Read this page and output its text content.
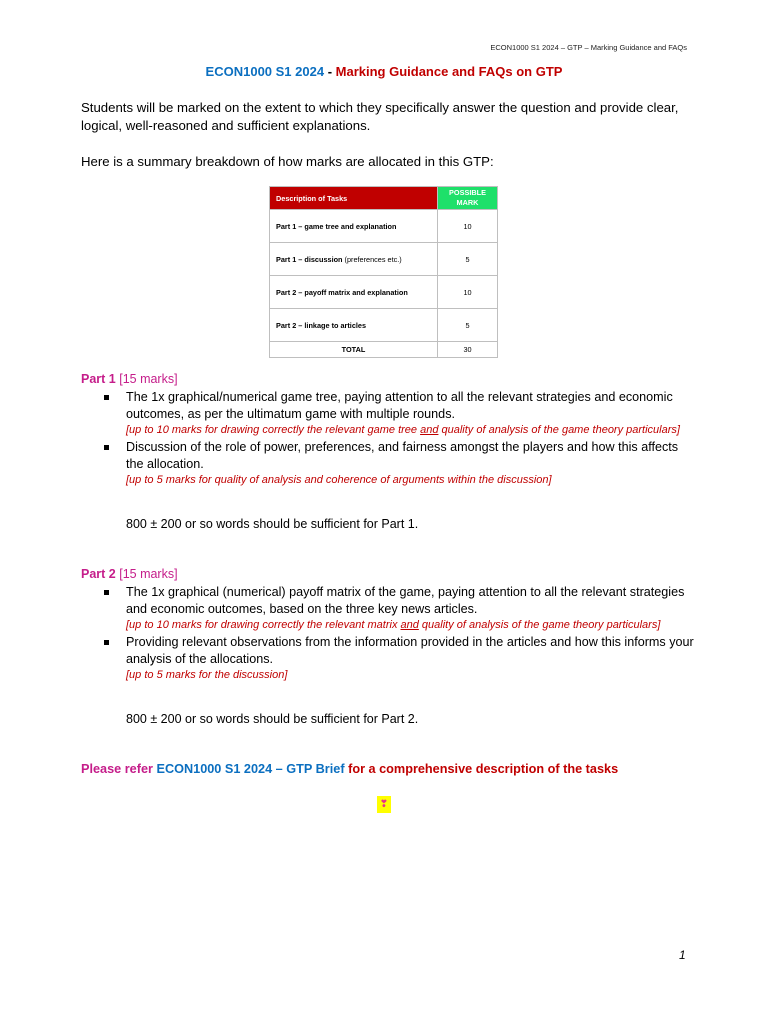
ECON1000 S1 2024 – GTP – Marking Guidance and FAQs
ECON1000 S1 2024 - Marking Guidance and FAQs on GTP
Students will be marked on the extent to which they specifically answer the question and provide clear, logical, well-reasoned and sufficient explanations.
Here is a summary breakdown of how marks are allocated in this GTP:
Description of Tasks	POSSIBLE MARK
Part 1 – game tree and explanation	10
Part 1 – discussion (preferences etc.)	5
Part 2 – payoff matrix and explanation	10
Part 2 – linkage to articles	5
TOTAL	30
Part 1 [15 marks]
The 1x graphical/numerical game tree, paying attention to all the relevant strategies and economic outcomes, as per the ultimatum game with multiple rounds.
[up to 10 marks for drawing correctly the relevant game tree and quality of analysis of the game theory particulars]
Discussion of the role of power, preferences, and fairness amongst the players and how this affects the allocation.
[up to 5 marks for quality of analysis and coherence of arguments within the discussion]
800 ± 200 or so words should be sufficient for Part 1.
Part 2 [15 marks]
The 1x graphical (numerical) payoff matrix of the game, paying attention to all the relevant strategies and economic outcomes, based on the three key news articles.
[up to 10 marks for drawing correctly the relevant matrix and quality of analysis of the game theory particulars]
Providing relevant observations from the information provided in the articles and how this informs your analysis of the allocations.
[up to 5 marks for the discussion]
800 ± 200 or so words should be sufficient for Part 2.
Please refer ECON1000 S1 2024 – GTP Brief for a comprehensive description of the tasks
❣
1
